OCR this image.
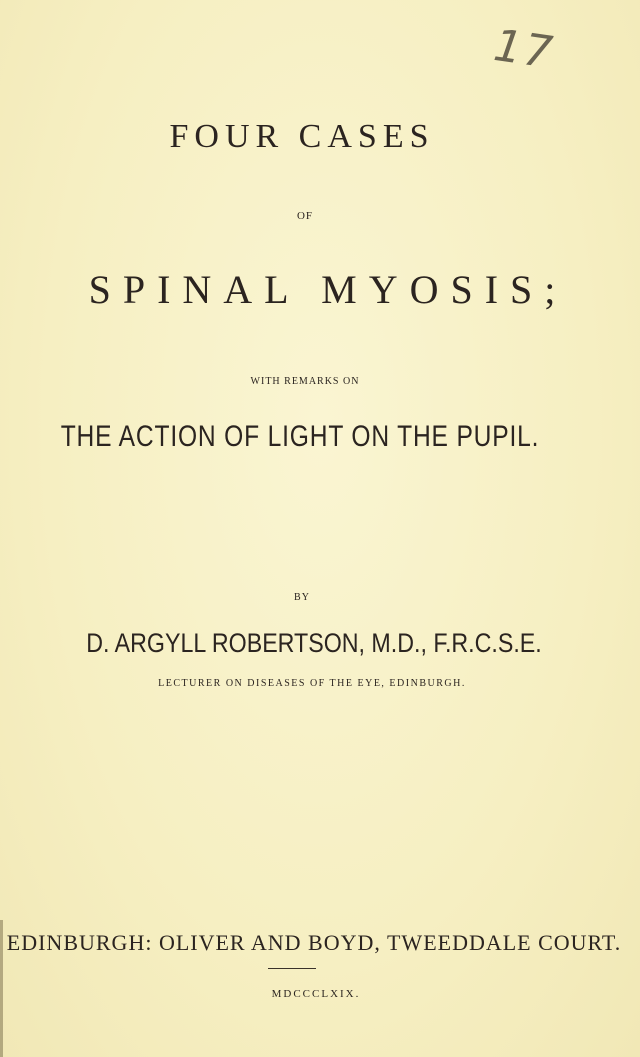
17
FOUR CASES
OF
SPINAL MYOSIS;
WITH REMARKS ON
THE ACTION OF LIGHT ON THE PUPIL.
BY
D. ARGYLL ROBERTSON, M.D., F.R.C.S.E.
LECTURER ON DISEASES OF THE EYE, EDINBURGH.
EDINBURGH: OLIVER AND BOYD, TWEEDDALE COURT.
MDCCCLXIX.
